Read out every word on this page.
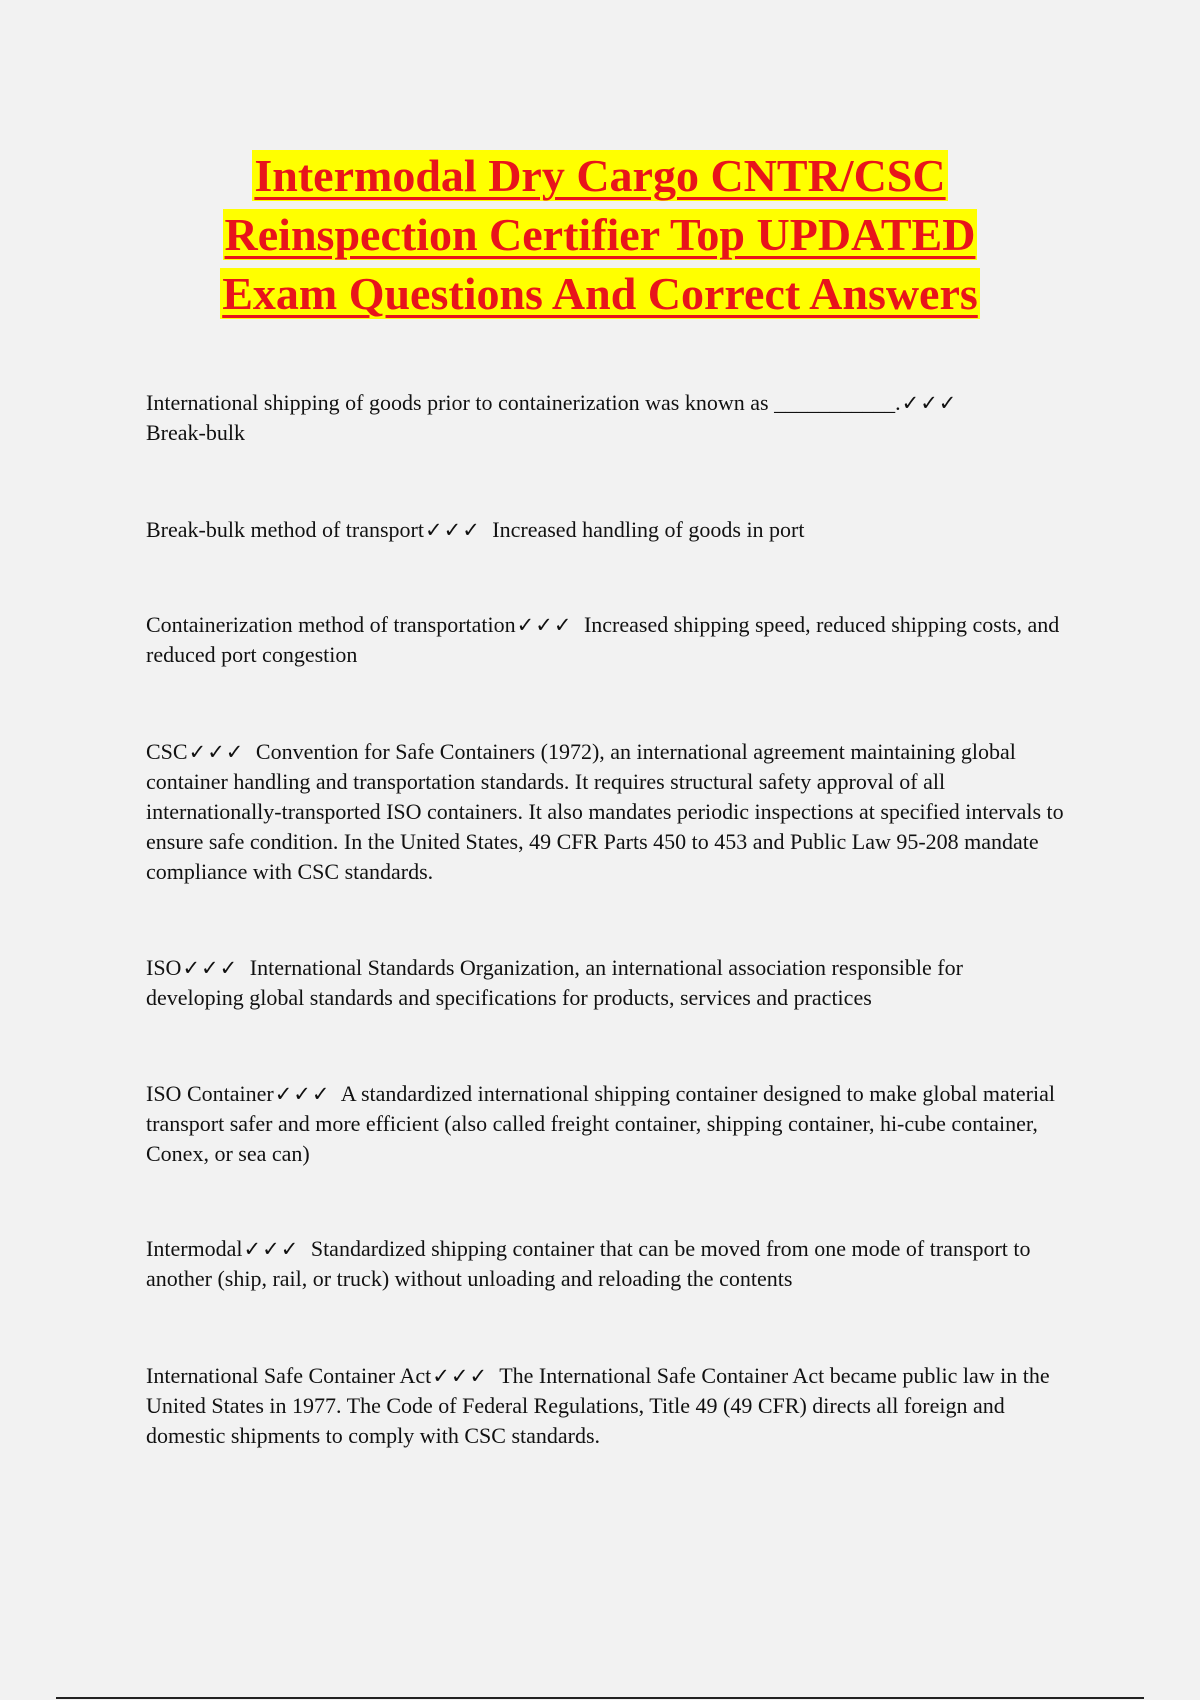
Intermodal Dry Cargo CNTR/CSC
Reinspection Certifier Top UPDATED
Exam Questions And Correct Answers
International shipping of goods prior to containerization was known as ___________.✓✓✓
Break-bulk
Break-bulk method of transport✓✓✓ Increased handling of goods in port
Containerization method of transportation✓✓✓ Increased shipping speed, reduced shipping costs, and reduced port congestion
CSC✓✓✓ Convention for Safe Containers (1972), an international agreement maintaining global container handling and transportation standards. It requires structural safety approval of all internationally-transported ISO containers. It also mandates periodic inspections at specified intervals to ensure safe condition. In the United States, 49 CFR Parts 450 to 453 and Public Law 95-208 mandate compliance with CSC standards.
ISO✓✓✓ International Standards Organization, an international association responsible for developing global standards and specifications for products, services and practices
ISO Container✓✓✓ A standardized international shipping container designed to make global material transport safer and more efficient (also called freight container, shipping container, hi-cube container, Conex, or sea can)
Intermodal✓✓✓ Standardized shipping container that can be moved from one mode of transport to another (ship, rail, or truck) without unloading and reloading the contents
International Safe Container Act✓✓✓ The International Safe Container Act became public law in the United States in 1977. The Code of Federal Regulations, Title 49 (49 CFR) directs all foreign and domestic shipments to comply with CSC standards.
